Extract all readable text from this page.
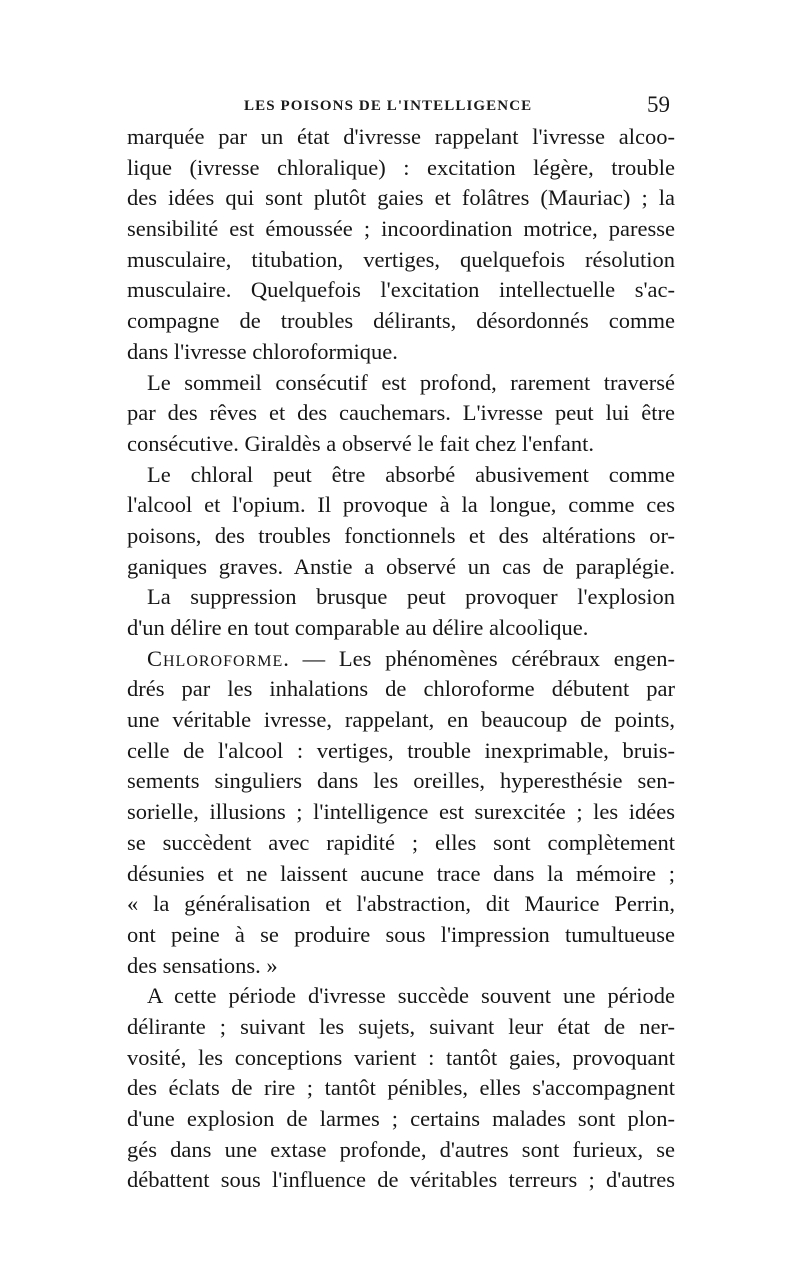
LES POISONS DE L'INTELLIGENCE	59
marquée par un état d'ivresse rappelant l'ivresse alcoo-
lique (ivresse chloralique) : excitation légère, trouble
des idées qui sont plutôt gaies et folâtres (Mauriac) ; la
sensibilité est émoussée ; incoordination motrice, paresse
musculaire, titubation, vertiges, quelquefois résolution
musculaire. Quelquefois l'excitation intellectuelle s'ac-
compagne de troubles délirants, désordonnés comme
dans l'ivresse chloroformique.
Le sommeil consécutif est profond, rarement traversé
par des rêves et des cauchemars. L'ivresse peut lui être
consécutive. Giraldès a observé le fait chez l'enfant.
Le chloral peut être absorbé abusivement comme
l'alcool et l'opium. Il provoque à la longue, comme ces
poisons, des troubles fonctionnels et des altérations or-
ganiques graves. Anstie a observé un cas de paraplégie.
La suppression brusque peut provoquer l'explosion
d'un délire en tout comparable au délire alcoolique.
Chloroforme. — Les phénomènes cérébraux engen-
drés par les inhalations de chloroforme débutent par
une véritable ivresse, rappelant, en beaucoup de points,
celle de l'alcool : vertiges, trouble inexprimable, bruis-
sements singuliers dans les oreilles, hyperesthésie sen-
sorielle, illusions ; l'intelligence est surexcitée ; les idées
se succèdent avec rapidité ; elles sont complètement
désunies et ne laissent aucune trace dans la mémoire ;
« la généralisation et l'abstraction, dit Maurice Perrin,
ont peine à se produire sous l'impression tumultueuse
des sensations. »
A cette période d'ivresse succède souvent une période
délirante ; suivant les sujets, suivant leur état de ner-
vosité, les conceptions varient : tantôt gaies, provoquant
des éclats de rire ; tantôt pénibles, elles s'accompagnent
d'une explosion de larmes ; certains malades sont plon-
gés dans une extase profonde, d'autres sont furieux, se
débattent sous l'influence de véritables terreurs ; d'autres
